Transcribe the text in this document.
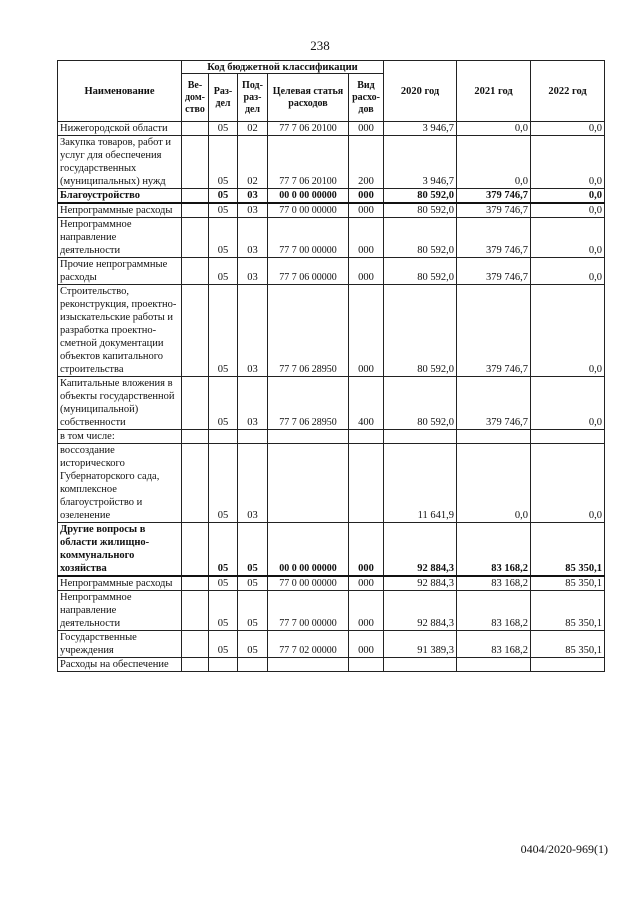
238
Наименование	Код бюджетной классификации					2020 год	2021 год	2022 год
	Ве- дом- ство	Раз- дел	Под- раз- дел	Целевая статья расходов	Вид расхо- дов			
Нижегородской области		05	02	77 7 06 20100	000	3 946,7	0,0	0,0
Закупка товаров, работ и услуг для обеспечения государственных (муниципальных) нужд		05	02	77 7 06 20100	200	3 946,7	0,0	0,0
Благоустройство		05	03	00 0 00 00000	000	80 592,0	379 746,7	0,0
Непрограммные расходы		05	03	77 0 00 00000	000	80 592,0	379 746,7	0,0
Непрограммное направление деятельности		05	03	77 7 00 00000	000	80 592,0	379 746,7	0,0
Прочие непрограммные расходы		05	03	77 7 06 00000	000	80 592,0	379 746,7	0,0
Строительство, реконструкция, проектно-изыскательские работы и разработка проектно-сметной документации объектов капитального строительства		05	03	77 7 06 28950	000	80 592,0	379 746,7	0,0
Капитальные вложения в объекты государственной (муниципальной) собственности		05	03	77 7 06 28950	400	80 592,0	379 746,7	0,0
в том числе:								
воссоздание исторического Губернаторского сада, комплексное благоустройство и озеленение		05	03			11 641,9	0,0	0,0
Другие вопросы в области жилищно-коммунального хозяйства		05	05	00 0 00 00000	000	92 884,3	83 168,2	85 350,1
Непрограммные расходы		05	05	77 0 00 00000	000	92 884,3	83 168,2	85 350,1
Непрограммное направление деятельности		05	05	77 7 00 00000	000	92 884,3	83 168,2	85 350,1
Государственные учреждения		05	05	77 7 02 00000	000	91 389,3	83 168,2	85 350,1
Расходы на обеспечение								
0404/2020-969(1)
